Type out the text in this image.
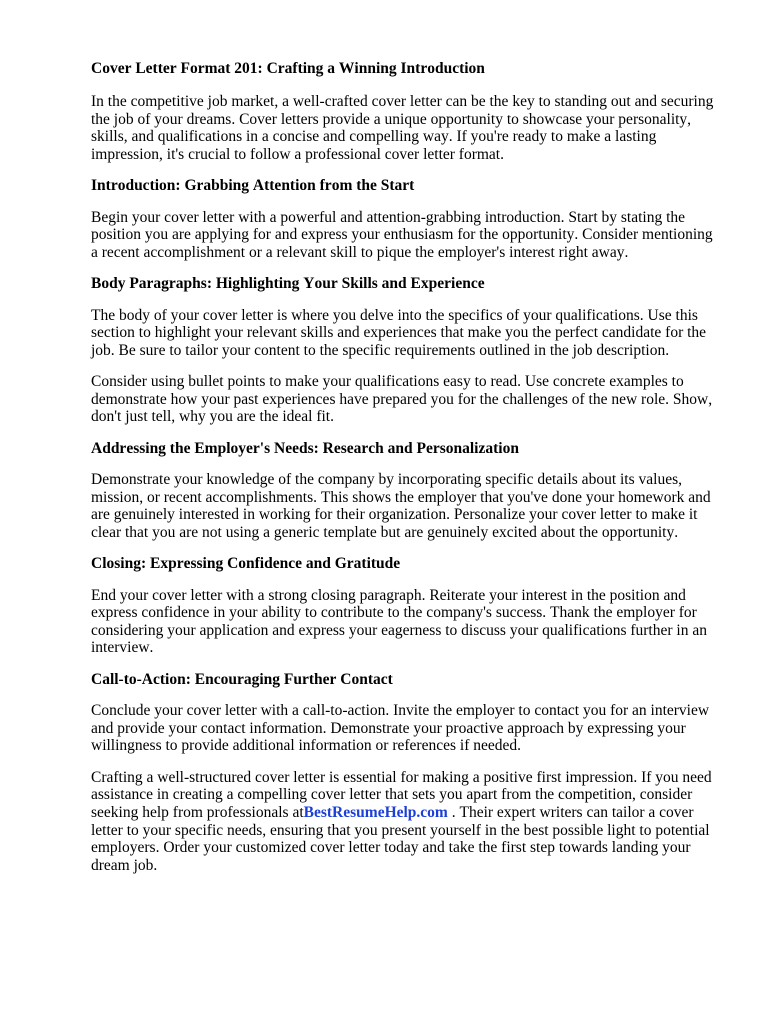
Cover Letter Format 201: Crafting a Winning Introduction

In the competitive job market, a well-crafted cover letter can be the key to standing out and securing the job of your dreams. Cover letters provide a unique opportunity to showcase your personality, skills, and qualifications in a concise and compelling way. If you're ready to make a lasting impression, it's crucial to follow a professional cover letter format.

Introduction: Grabbing Attention from the Start

Begin your cover letter with a powerful and attention-grabbing introduction. Start by stating the position you are applying for and express your enthusiasm for the opportunity. Consider mentioning a recent accomplishment or a relevant skill to pique the employer's interest right away.

Body Paragraphs: Highlighting Your Skills and Experience

The body of your cover letter is where you delve into the specifics of your qualifications. Use this section to highlight your relevant skills and experiences that make you the perfect candidate for the job. Be sure to tailor your content to the specific requirements outlined in the job description.

Consider using bullet points to make your qualifications easy to read. Use concrete examples to demonstrate how your past experiences have prepared you for the challenges of the new role. Show, don't just tell, why you are the ideal fit.

Addressing the Employer's Needs: Research and Personalization

Demonstrate your knowledge of the company by incorporating specific details about its values, mission, or recent accomplishments. This shows the employer that you've done your homework and are genuinely interested in working for their organization. Personalize your cover letter to make it clear that you are not using a generic template but are genuinely excited about the opportunity.

Closing: Expressing Confidence and Gratitude

End your cover letter with a strong closing paragraph. Reiterate your interest in the position and express confidence in your ability to contribute to the company's success. Thank the employer for considering your application and express your eagerness to discuss your qualifications further in an interview.

Call-to-Action: Encouraging Further Contact

Conclude your cover letter with a call-to-action. Invite the employer to contact you for an interview and provide your contact information. Demonstrate your proactive approach by expressing your willingness to provide additional information or references if needed.

Crafting a well-structured cover letter is essential for making a positive first impression. If you need assistance in creating a compelling cover letter that sets you apart from the competition, consider seeking help from professionals atBestResumeHelp.com . Their expert writers can tailor a cover letter to your specific needs, ensuring that you present yourself in the best possible light to potential employers. Order your customized cover letter today and take the first step towards landing your dream job.
